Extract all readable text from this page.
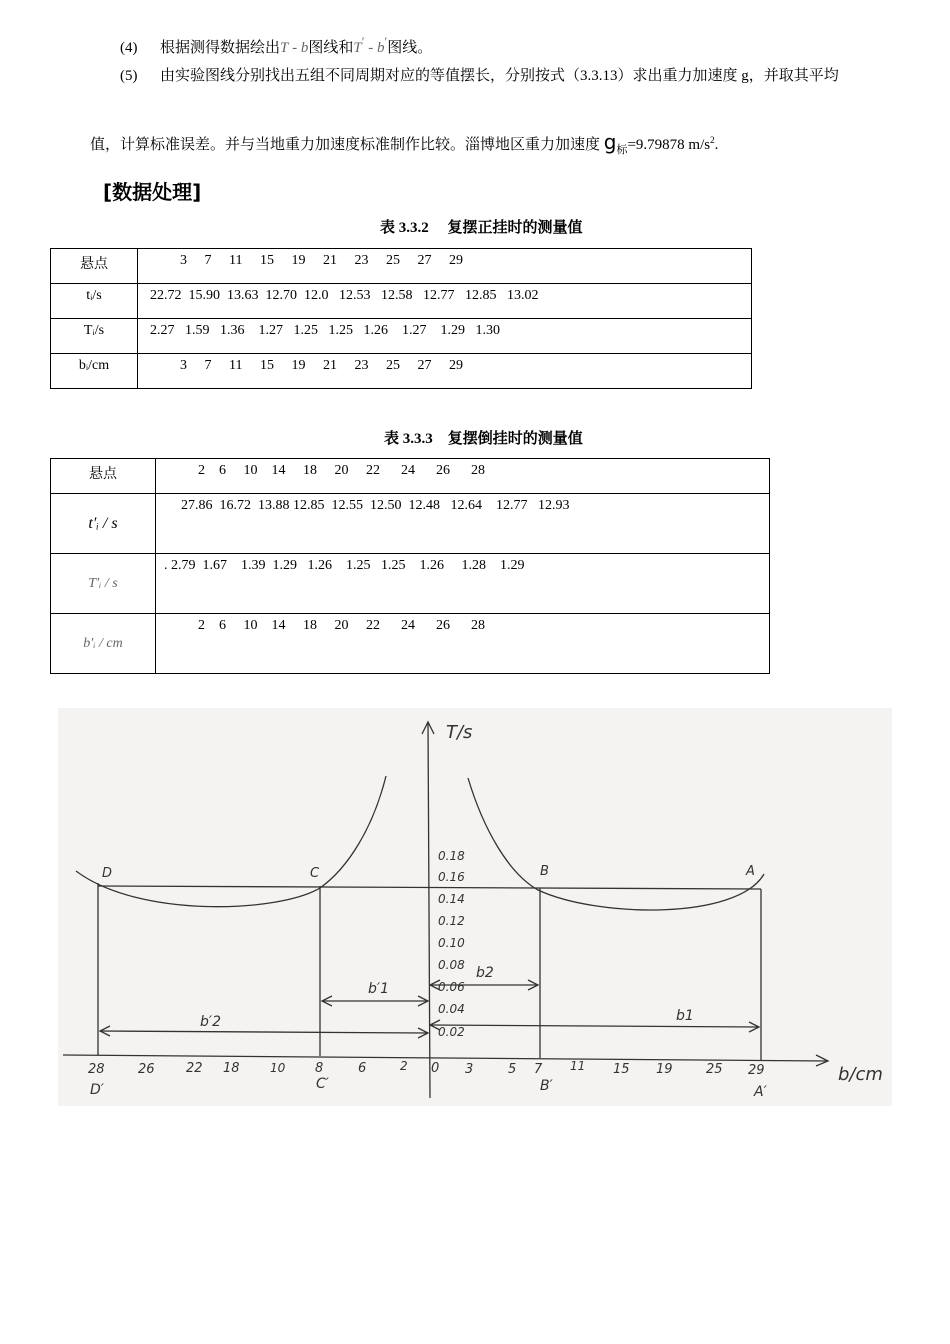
(4) 根据测得数据绘出T - b图线和T′ - b′图线。
(5) 由实验图线分别找出五组不同周期对应的等值摆长，分别按式（3.3.13）求出重力加速度 g，并取其平均
值，计算标准误差。并与当地重力加速度标准制作比较。淄博地区重力加速度 $g_标=9.79878$ $m/s^2$.
[数据处理]
表 3.3.2　 复摆正挂时的测量值
悬点	3     7     11     15     19     21     23     25     27     29
tᵢ/s	22.72  15.90  13.63  12.70  12.0   12.53   12.58   12.77   12.85   13.02
Tᵢ/s	2.27   1.59   1.36    1.27   1.25   1.25   1.26    1.27    1.29   1.30
bᵢ/cm	3     7     11     15     19     21     23     25     27     29
表 3.3.3　复摆倒挂时的测量值
悬点	2    6     10    14     18     20     22      24      26      28
t′ᵢ / s	27.86  16.72  13.88 12.85  12.55  12.50  12.48   12.64    12.77   12.93
T′ᵢ / s	. 2.79  1.67    1.39  1.29   1.26    1.25   1.25    1.26     1.28    1.29
b′ᵢ / cm	2    6     10    14     18     20     22      24      26      28
0.18
0.16
0.14
0.12
0.10
0.08
0.06
0.04
0.02
T/s
b/cm
28	26 22 18	10 8	6	2 0 3	5 7 11 15 19	25 29
D	C	B	A
D′	C′	B′	A′
b′1
b′2
b2
b1
